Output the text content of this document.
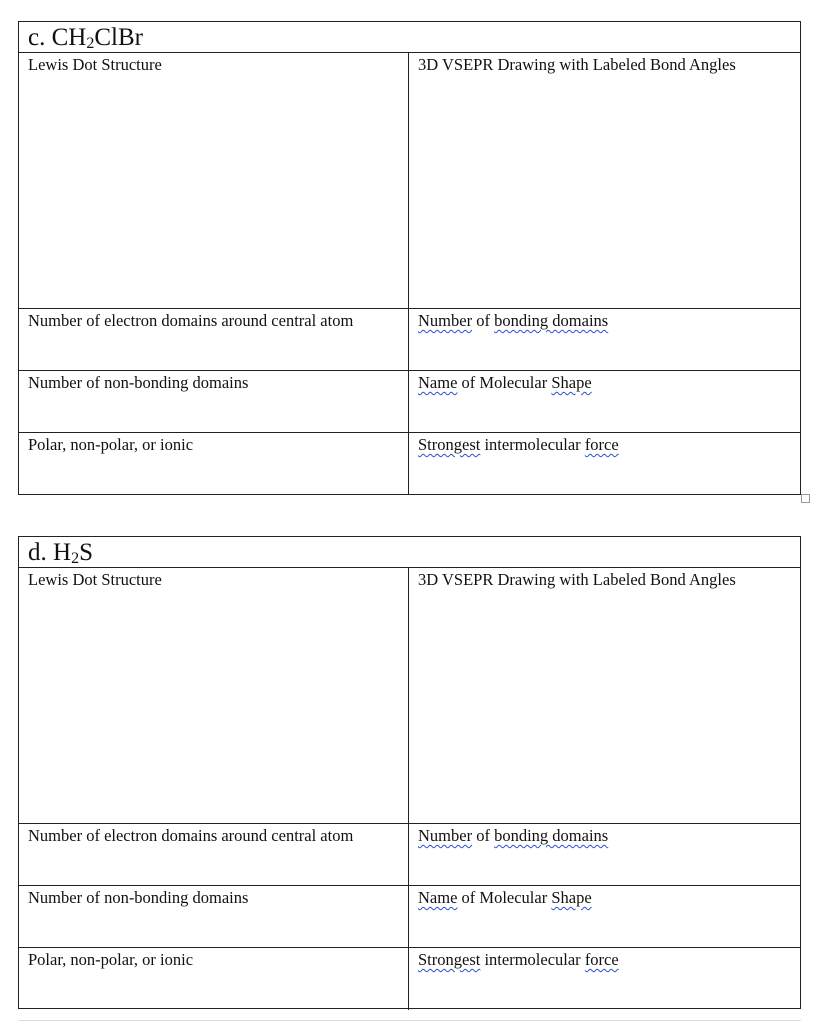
c. $CH_2ClBr$
Lewis Dot Structure	3D VSEPR Drawing with Labeled Bond Angles
Number of electron domains around central atom	Number of bonding domains
Number of non-bonding domains	Name of Molecular Shape
Polar, non-polar, or ionic	Strongest intermolecular force
d. $H_2S$
Lewis Dot Structure	3D VSEPR Drawing with Labeled Bond Angles
Number of electron domains around central atom	Number of bonding domains
Number of non-bonding domains	Name of Molecular Shape
Polar, non-polar, or ionic	Strongest intermolecular force
